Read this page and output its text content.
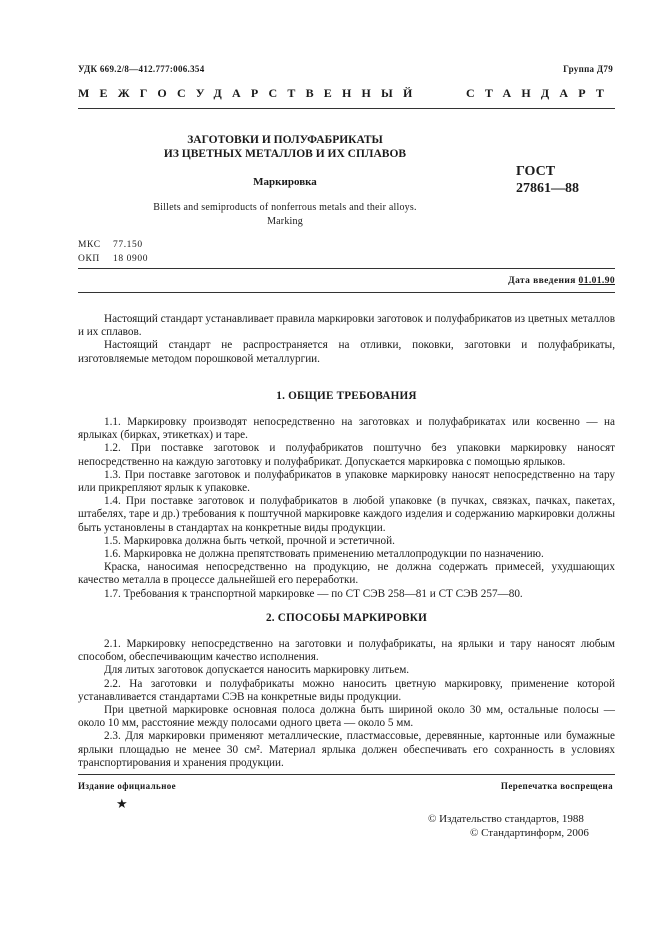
УДК 669.2/8—412.777:006.354	Группа Д79
МЕЖГОСУДАРСТВЕННЫЙ	СТАНДАРТ
ЗАГОТОВКИ И ПОЛУФАБРИКАТЫ
ИЗ ЦВЕТНЫХ МЕТАЛЛОВ И ИХ СПЛАВОВ
Маркировка
ГОСТ
27861—88
Billets and semiproducts of nonferrous metals and their alloys.
Marking
МКС 77.150
ОКП 18 0900
Дата введения 01.01.90

Настоящий стандарт устанавливает правила маркировки заготовок и полуфабрикатов из цветных металлов и их сплавов.

Настоящий стандарт не распространяется на отливки, поковки, заготовки и полуфабрикаты, изготовляемые методом порошковой металлургии.

1. ОБЩИЕ ТРЕБОВАНИЯ

1.1. Маркировку производят непосредственно на заготовках и полуфабрикатах или косвенно — на ярлыках (бирках, этикетках) и таре.

1.2. При поставке заготовок и полуфабрикатов поштучно без упаковки маркировку наносят непосредственно на каждую заготовку и полуфабрикат. Допускается маркировка с помощью ярлыков.

1.3. При поставке заготовок и полуфабрикатов в упаковке маркировку наносят непосредственно на тару или прикрепляют ярлык к упаковке.

1.4. При поставке заготовок и полуфабрикатов в любой упаковке (в пучках, связках, пачках, пакетах, штабелях, таре и др.) требования к поштучной маркировке каждого изделия и содержанию маркировки должны быть установлены в стандартах на конкретные виды продукции.

1.5. Маркировка должна быть четкой, прочной и эстетичной.

1.6. Маркировка не должна препятствовать применению металлопродукции по назначению.

Краска, наносимая непосредственно на продукцию, не должна содержать примесей, ухудшающих качество металла в процессе дальнейшей его переработки.

1.7. Требования к транспортной маркировке — по СТ СЭВ 258—81 и СТ СЭВ 257—80.

2. СПОСОБЫ МАРКИРОВКИ

2.1. Маркировку непосредственно на заготовки и полуфабрикаты, на ярлыки и тару наносят любым способом, обеспечивающим качество исполнения.

Для литых заготовок допускается наносить маркировку литьем.

2.2. На заготовки и полуфабрикаты можно наносить цветную маркировку, применение которой устанавливается стандартами СЭВ на конкретные виды продукции.

При цветной маркировке основная полоса должна быть шириной около 30 мм, остальные полосы — около 10 мм, расстояние между полосами одного цвета — около 5 мм.

2.3. Для маркировки применяют металлические, пластмассовые, деревянные, картонные или бумажные ярлыки площадью не менее 30 см². Материал ярлыка должен обеспечивать его сохранность в условиях транспортирования и хранения продукции.

Издание официальное	Перепечатка воспрещена
★
© Издательство стандартов, 1988
© Стандартинформ, 2006
